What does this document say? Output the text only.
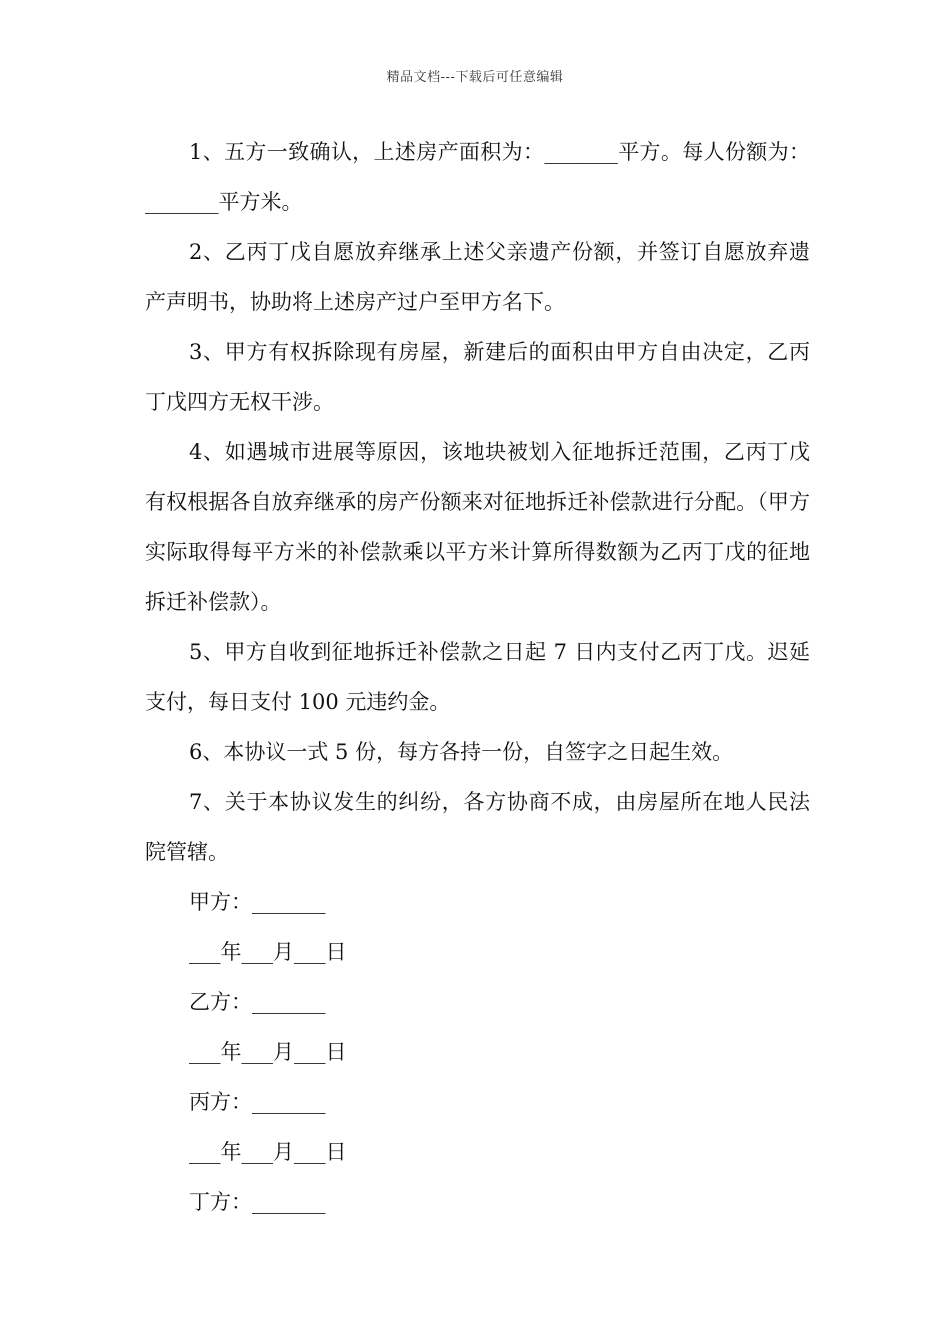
精品文档---下载后可任意编辑

1、五方一致确认，上述房产面积为：_______平方。每人份额为：_______平方米。

2、乙丙丁戊自愿放弃继承上述父亲遗产份额，并签订自愿放弃遗产声明书，协助将上述房产过户至甲方名下。

3、甲方有权拆除现有房屋，新建后的面积由甲方自由决定，乙丙丁戊四方无权干涉。

4、如遇城市进展等原因，该地块被划入征地拆迁范围，乙丙丁戊有权根据各自放弃继承的房产份额来对征地拆迁补偿款进行分配。（甲方实际取得每平方米的补偿款乘以平方米计算所得数额为乙丙丁戊的征地拆迁补偿款）。

5、甲方自收到征地拆迁补偿款之日起 7 日内支付乙丙丁戊。迟延支付，每日支付 100 元违约金。

6、本协议一式 5 份，每方各持一份，自签字之日起生效。

7、关于本协议发生的纠纷，各方协商不成，由房屋所在地人民法院管辖。

甲方：_______

___年___月___日

乙方：_______

___年___月___日

丙方：_______

___年___月___日

丁方：_______
